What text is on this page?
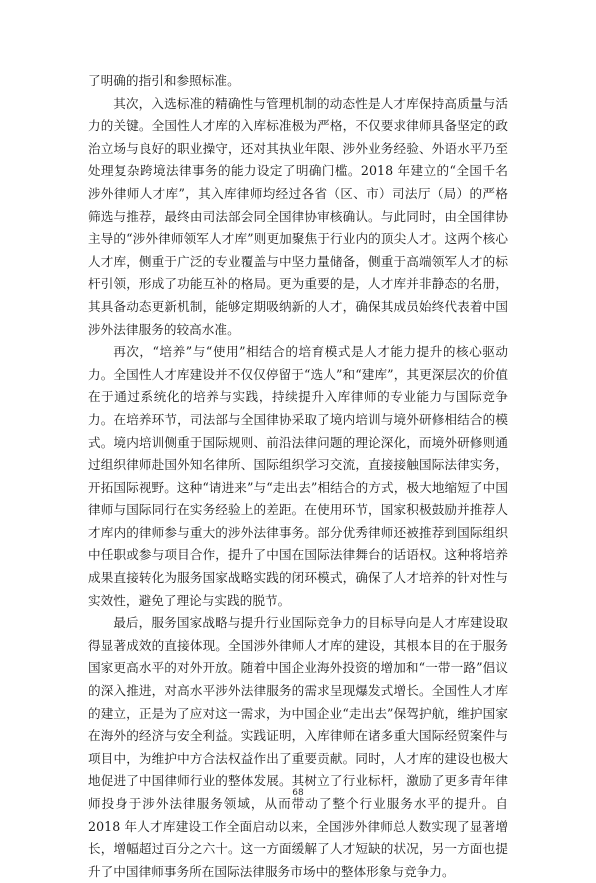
了明确的指引和参照标准。

其次，入选标准的精确性与管理机制的动态性是人才库保持高质量与活力的关键。全国性人才库的入库标准极为严格，不仅要求律师具备坚定的政治立场与良好的职业操守，还对其执业年限、涉外业务经验、外语水平乃至处理复杂跨境法律事务的能力设定了明确门槛。2018 年建立的“全国千名涉外律师人才库”，其入库律师均经过各省（区、市）司法厅（局）的严格筛选与推荐，最终由司法部会同全国律协审核确认。与此同时，由全国律协主导的“涉外律师领军人才库”则更加聚焦于行业内的顶尖人才。这两个核心人才库，侧重于广泛的专业覆盖与中坚力量储备，侧重于高端领军人才的标杆引领，形成了功能互补的格局。更为重要的是，人才库并非静态的名册，其具备动态更新机制，能够定期吸纳新的人才，确保其成员始终代表着中国涉外法律服务的较高水准。

再次，“培养”与“使用”相结合的培育模式是人才能力提升的核心驱动力。全国性人才库建设并不仅仅停留于“选人”和“建库”，其更深层次的价值在于通过系统化的培养与实践，持续提升入库律师的专业能力与国际竞争力。在培养环节，司法部与全国律协采取了境内培训与境外研修相结合的模式。境内培训侧重于国际规则、前沿法律问题的理论深化，而境外研修则通过组织律师赴国外知名律所、国际组织学习交流，直接接触国际法律实务，开拓国际视野。这种“请进来”与“走出去”相结合的方式，极大地缩短了中国律师与国际同行在实务经验上的差距。在使用环节，国家积极鼓励并推荐人才库内的律师参与重大的涉外法律事务。部分优秀律师还被推荐到国际组织中任职或参与项目合作，提升了中国在国际法律舞台的话语权。这种将培养成果直接转化为服务国家战略实践的闭环模式，确保了人才培养的针对性与实效性，避免了理论与实践的脱节。

最后，服务国家战略与提升行业国际竞争力的目标导向是人才库建设取得显著成效的直接体现。全国涉外律师人才库的建设，其根本目的在于服务国家更高水平的对外开放。随着中国企业海外投资的增加和“一带一路”倡议的深入推进，对高水平涉外法律服务的需求呈现爆发式增长。全国性人才库的建立，正是为了应对这一需求，为中国企业“走出去”保驾护航，维护国家在海外的经济与安全利益。实践证明，入库律师在诸多重大国际经贸案件与项目中，为维护中方合法权益作出了重要贡献。同时，人才库的建设也极大地促进了中国律师行业的整体发展。其树立了行业标杆，激励了更多青年律师投身于涉外法律服务领域，从而带动了整个行业服务水平的提升。自 2018 年人才库建设工作全面启动以来，全国涉外律师总人数实现了显著增长，增幅超过百分之六十。这一方面缓解了人才短缺的状况，另一方面也提升了中国律师事务所在国际法律服务市场中的整体形象与竞争力。

68
